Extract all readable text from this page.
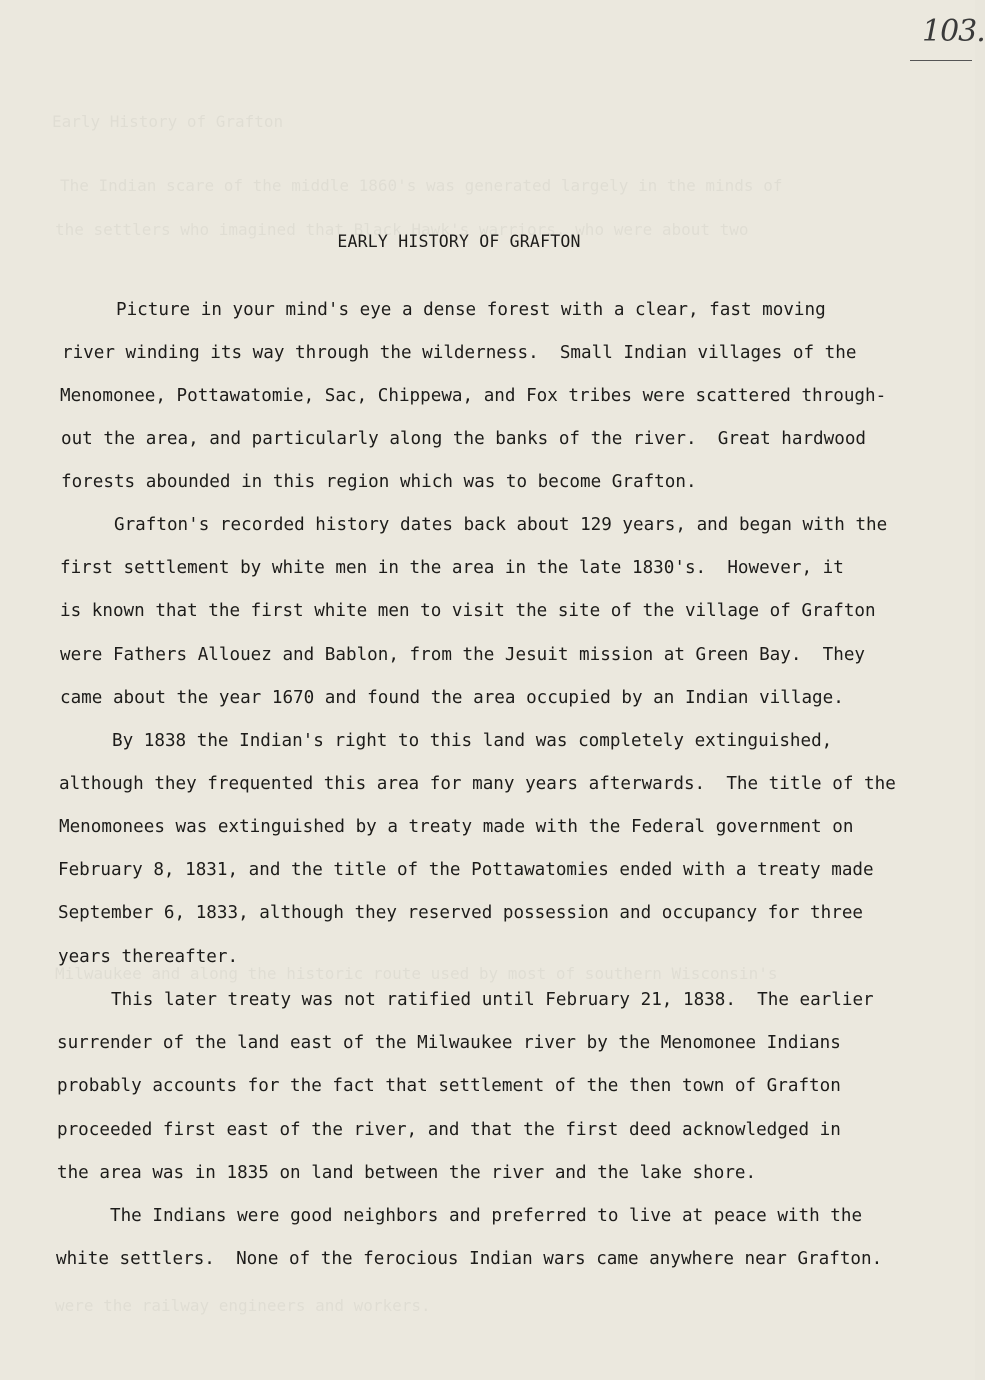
103.
EARLY HISTORY OF GRAFTON
Picture in your mind's eye a dense forest with a clear, fast moving
river winding its way through the wilderness.  Small Indian villages of the
Menomonee, Pottawatomie, Sac, Chippewa, and Fox tribes were scattered through-
out the area, and particularly along the banks of the river.  Great hardwood
forests abounded in this region which was to become Grafton.
Grafton's recorded history dates back about 129 years, and began with the
first settlement by white men in the area in the late 1830's.  However, it
is known that the first white men to visit the site of the village of Grafton
were Fathers Allouez and Bablon, from the Jesuit mission at Green Bay.  They
came about the year 1670 and found the area occupied by an Indian village.
By 1838 the Indian's right to this land was completely extinguished,
although they frequented this area for many years afterwards.  The title of the
Menomonees was extinguished by a treaty made with the Federal government on
February 8, 1831, and the title of the Pottawatomies ended with a treaty made
September 6, 1833, although they reserved possession and occupancy for three
years thereafter.
This later treaty was not ratified until February 21, 1838.  The earlier
surrender of the land east of the Milwaukee river by the Menomonee Indians
probably accounts for the fact that settlement of the then town of Grafton
proceeded first east of the river, and that the first deed acknowledged in
the area was in 1835 on land between the river and the lake shore.
The Indians were good neighbors and preferred to live at peace with the
white settlers.  None of the ferocious Indian wars came anywhere near Grafton.
